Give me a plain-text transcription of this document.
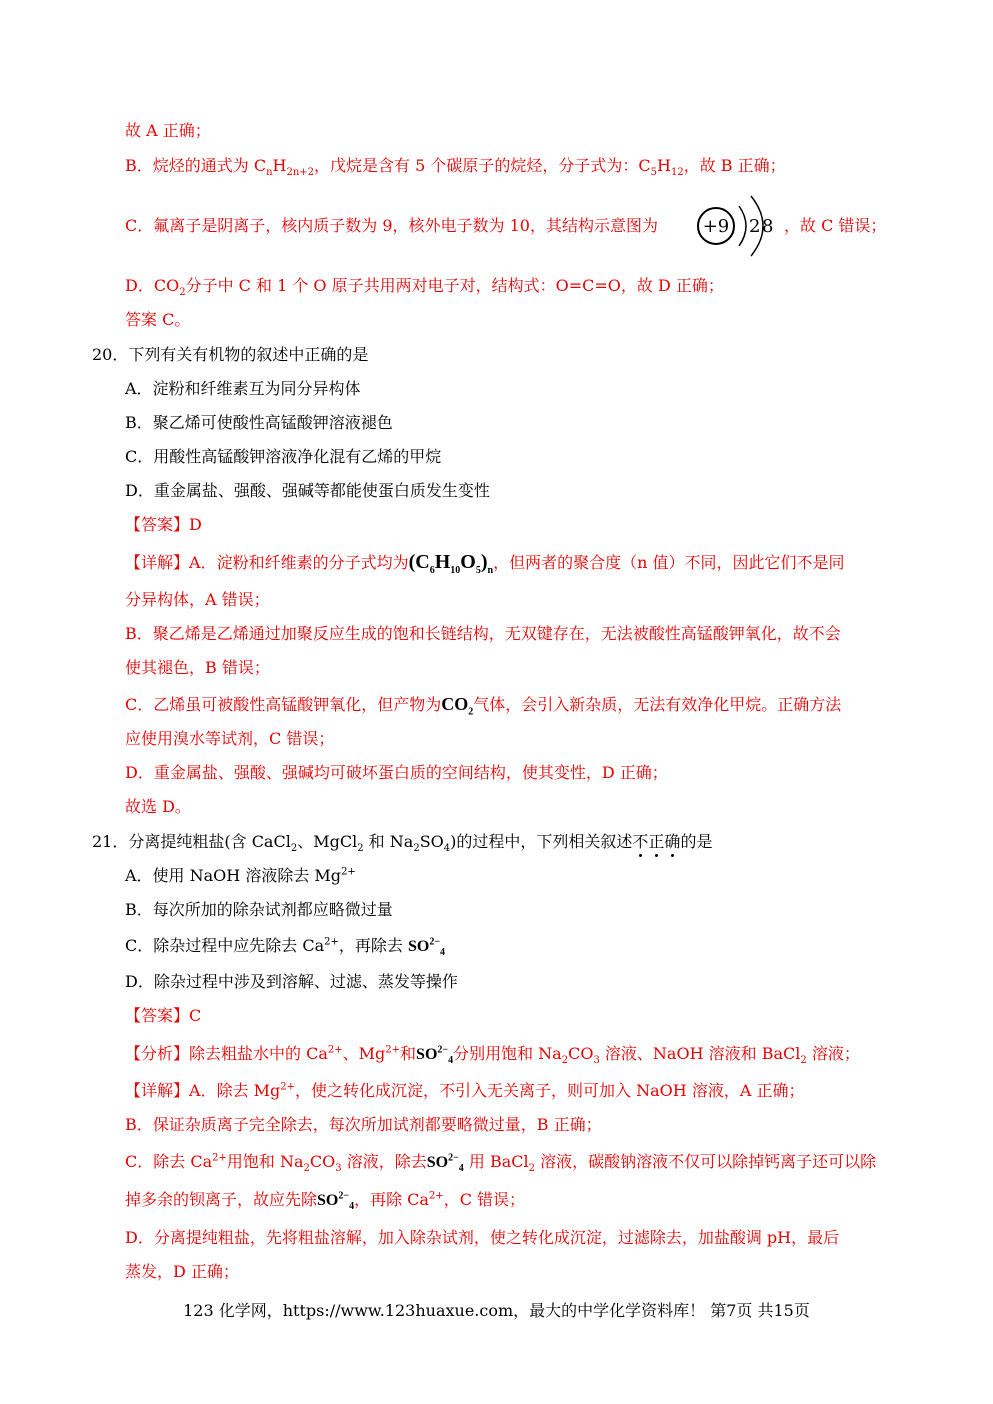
故 A 正确；
B．烷烃的通式为 $C_nH_{2n+2}$，戊烷是含有 5 个碳原子的烷烃，分子式为：$C_5H_{12}$，故 B 正确；
C．氟离子是阴离子，核内质子数为 9，核外电子数为 10，其结构示意图为 +9 2 8 ，故 C 错误；
D．$CO_2$分子中 C 和 1 个 O 原子共用两对电子对，结构式：O=C=O，故 D 正确；
答案 C。
20．下列有关有机物的叙述中正确的是
A．淀粉和纤维素互为同分异构体
B．聚乙烯可使酸性高锰酸钾溶液褪色
C．用酸性高锰酸钾溶液净化混有乙烯的甲烷
D．重金属盐、强酸、强碱等都能使蛋白质发生变性
【答案】D
【详解】A．淀粉和纤维素的分子式均为$(C_6H_{10}O_5)_n$，但两者的聚合度（n 值）不同，因此它们不是同
分异构体，A 错误；
B．聚乙烯是乙烯通过加聚反应生成的饱和长链结构，无双键存在，无法被酸性高锰酸钾氧化，故不会
使其褪色，B 错误；
C．乙烯虽可被酸性高锰酸钾氧化，但产物为$CO_2$气体，会引入新杂质，无法有效净化甲烷。正确方法
应使用溴水等试剂，C 错误；
D．重金属盐、强酸、强碱均可破坏蛋白质的空间结构，使其变性，D 正确；
故选 D。
21．分离提纯粗盐(含 CaCl$_2$、MgCl$_2$ 和 $Na_2SO_4$)的过程中，下列相关叙述不正确的是
A．使用 NaOH 溶液除去 $Mg^{2+}$
B．每次所加的除杂试剂都应略微过量
C．除杂过程中应先除去 $Ca^{2+}$，再除去 $SO^{2-}_4$
D．除杂过程中涉及到溶解、过滤、蒸发等操作
【答案】C
【分析】除去粗盐水中的 $Ca^{2+}$、$Mg^{2+}$和$SO^{2-}_4$分别用饱和 $Na_2CO_3$ 溶液、NaOH 溶液和 BaCl$_2$ 溶液；
【详解】A．除去 $Mg^{2+}$，使之转化成沉淀，不引入无关离子，则可加入 NaOH 溶液，A 正确；
B．保证杂质离子完全除去，每次所加试剂都要略微过量，B 正确；
C．除去 $Ca^{2+}$用饱和 $Na_2CO_3$ 溶液，除去$SO^{2-}_4$ 用 BaCl$_2$ 溶液，碳酸钠溶液不仅可以除掉钙离子还可以除
掉多余的钡离子，故应先除$SO^{2-}_4$，再除 $Ca^{2+}$，C 错误；
D．分离提纯粗盐，先将粗盐溶解，加入除杂试剂，使之转化成沉淀，过滤除去，加盐酸调 pH，最后
蒸发，D 正确；
123 化学网，https://www.123huaxue.com，最大的中学化学资料库！ 第7页 共15页
